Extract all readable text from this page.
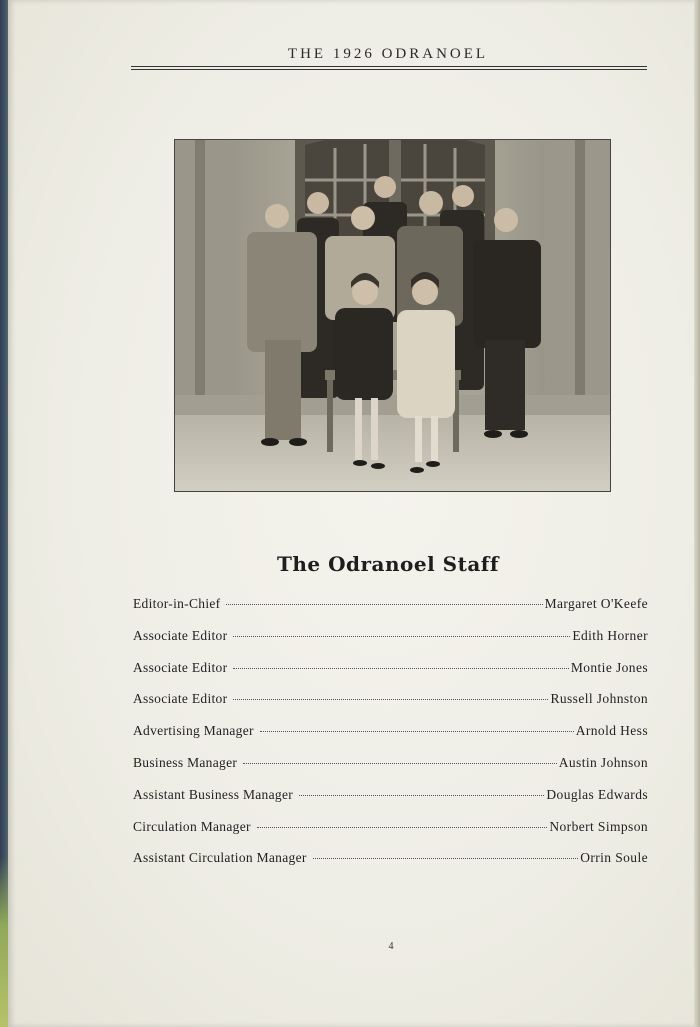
THE 1926 ODRANOEL
The Odranoel Staff
Editor-in-Chief	Margaret O'Keefe
Associate Editor	Edith Horner
Associate Editor	Montie Jones
Associate Editor	Russell Johnston
Advertising Manager	Arnold Hess
Business Manager	Austin Johnson
Assistant Business Manager	Douglas Edwards
Circulation Manager	Norbert Simpson
Assistant Circulation Manager	Orrin Soule
4
